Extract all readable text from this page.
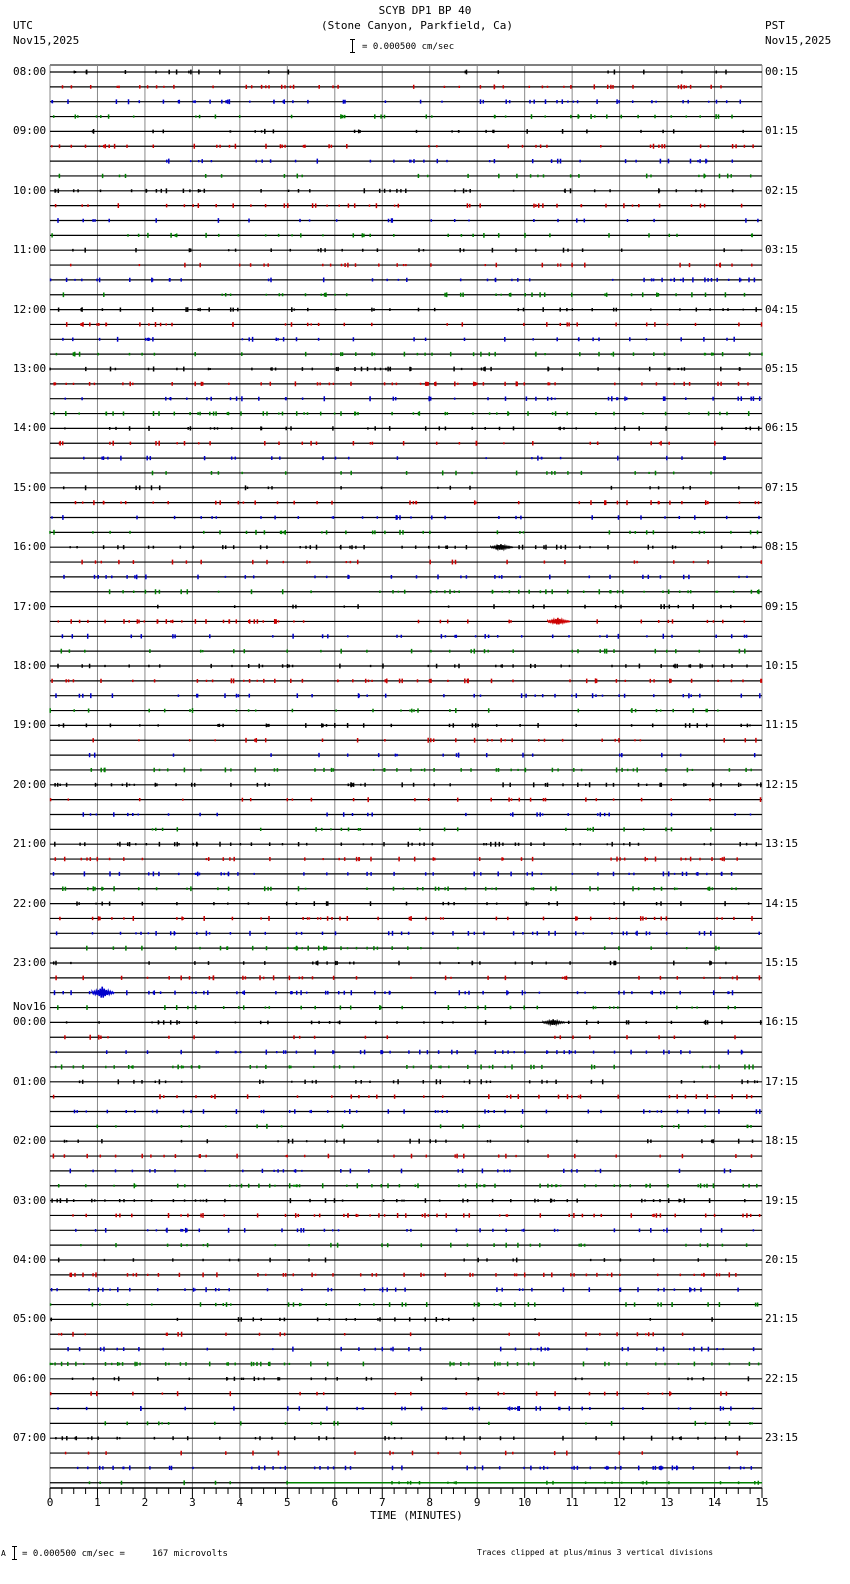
SCYB DP1 BP 40
(Stone Canyon, Parkfield, Ca)
UTC
Nov15,2025
PST
Nov15,2025
= 0.000500 cm/sec
0	1	2	3	4	5	6	7	8	9	10	11	12	13	14	15
08:00
09:00
10:00
11:00
12:00
13:00
14:00
15:00
16:00
17:00
18:00
19:00
20:00
21:00
22:00
23:00
00:00
01:00
02:00
03:00
04:00
05:00
06:00
07:00
00:15
01:15
02:15
03:15
04:15
05:15
06:15
07:15
08:15
09:15
10:15
11:15
12:15
13:15
14:15
15:15
16:15
17:15
18:15
19:15
20:15
21:15
22:15
23:15
Nov16
TIME (MINUTES)
A = 0.000500 cm/sec =     167 microvolts	Traces clipped at plus/minus 3 vertical divisions
